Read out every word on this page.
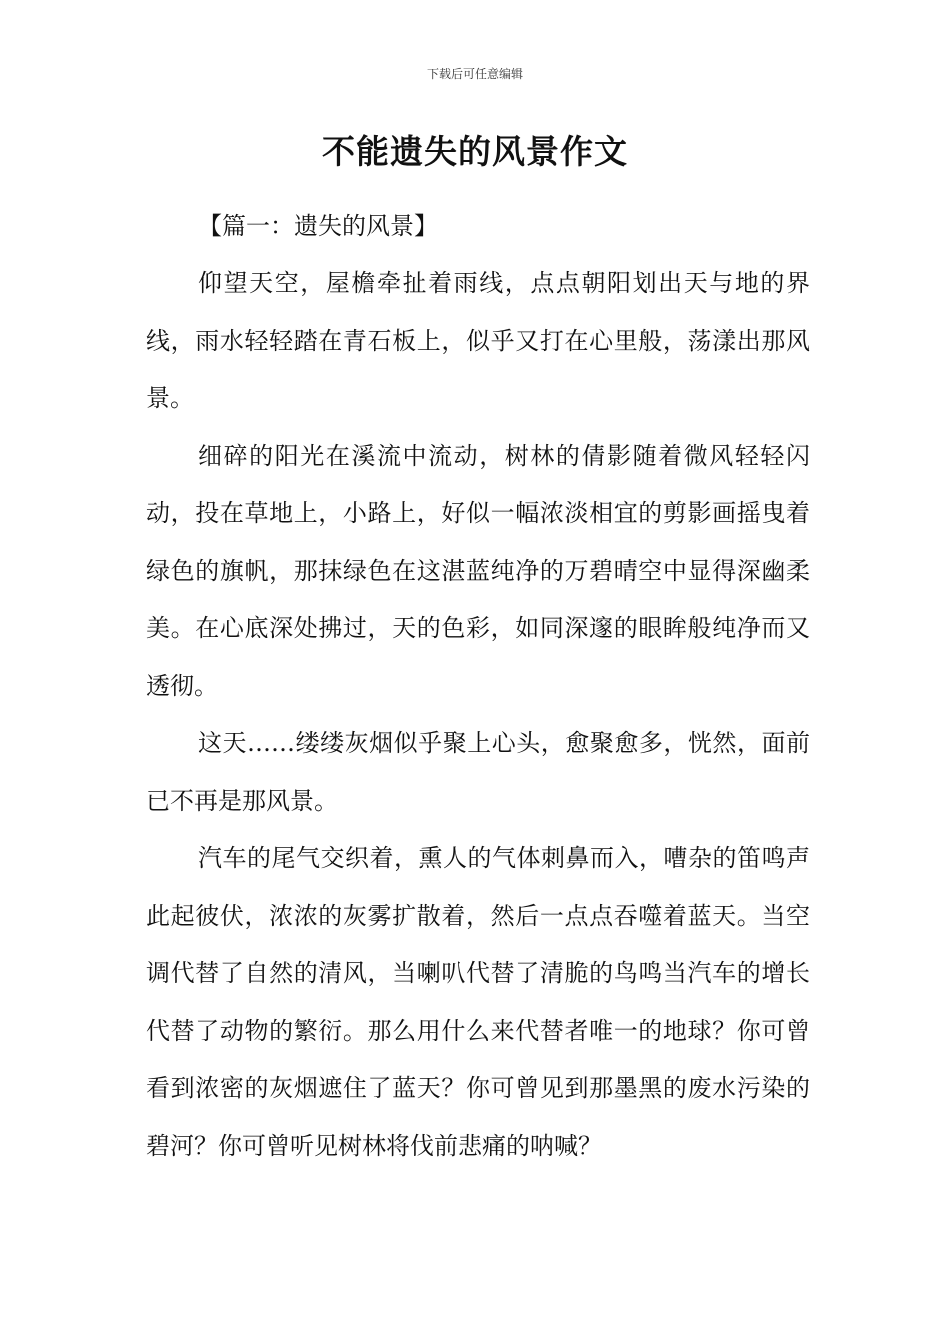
下载后可任意编辑
不能遗失的风景作文

【篇一：遗失的风景】

仰望天空，屋檐牵扯着雨线，点点朝阳划出天与地的界线，雨水轻轻踏在青石板上，似乎又打在心里般，荡漾出那风景。

细碎的阳光在溪流中流动，树林的倩影随着微风轻轻闪动，投在草地上，小路上，好似一幅浓淡相宜的剪影画摇曳着绿色的旗帆，那抹绿色在这湛蓝纯净的万碧晴空中显得深幽柔美。在心底深处拂过，天的色彩，如同深邃的眼眸般纯净而又透彻。

这天……缕缕灰烟似乎聚上心头，愈聚愈多，恍然，面前已不再是那风景。

汽车的尾气交织着，熏人的气体刺鼻而入，嘈杂的笛鸣声此起彼伏，浓浓的灰雾扩散着，然后一点点吞噬着蓝天。当空调代替了自然的清风，当喇叭代替了清脆的鸟鸣当汽车的增长代替了动物的繁衍。那么用什么来代替者唯一的地球？你可曾看到浓密的灰烟遮住了蓝天？你可曾见到那墨黑的废水污染的碧河？你可曾听见树林将伐前悲痛的呐喊？
